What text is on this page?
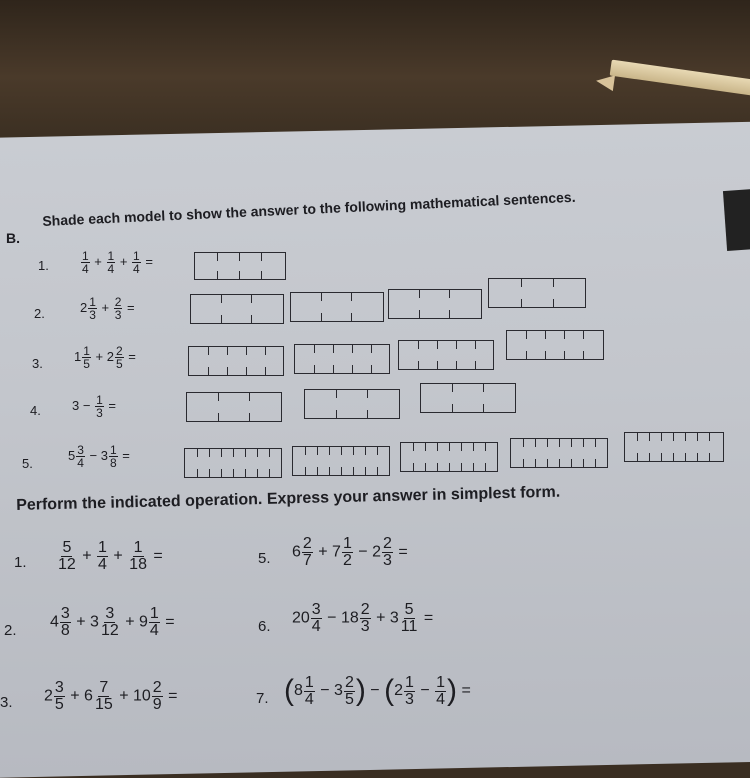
B.
Shade each model to show the answer to the following mathematical sentences.
1.	$\frac{1}{4} + \frac{1}{4} + \frac{1}{4}$ =
2.	$2 \frac{1}{3} + \frac{2}{3}$ =
3. $1 \frac{1}{5} + 2 \frac{2}{5}$ =
4. $3 - \frac{1}{3}$ =
5.
$5 \frac{3}{4} - 3 \frac{1}{8}$ =
Perform the indicated operation. Express your answer in simplest form.
1. $\frac{5}{12} + \frac{1}{4} + \frac{1}{18}$ =	5. $6 \frac{2}{7} + 7 \frac{1}{2} - 2 \frac{2}{3}$ =
2. $4 \frac{3}{8} + 3 \frac{3}{12} + 9 \frac{1}{4}$ =	6. $20 \frac{3}{4} - 18 \frac{2}{3} + 3 \frac{5}{11}$ =
3. $2 \frac{3}{5} + 6 \frac{7}{15} + 10 \frac{2}{9}$ =	7. ($8 \frac{1}{4} - 3 \frac{2}{5}$ ) − ($2 \frac{1}{3} - \frac{1}{4}$ ) =
